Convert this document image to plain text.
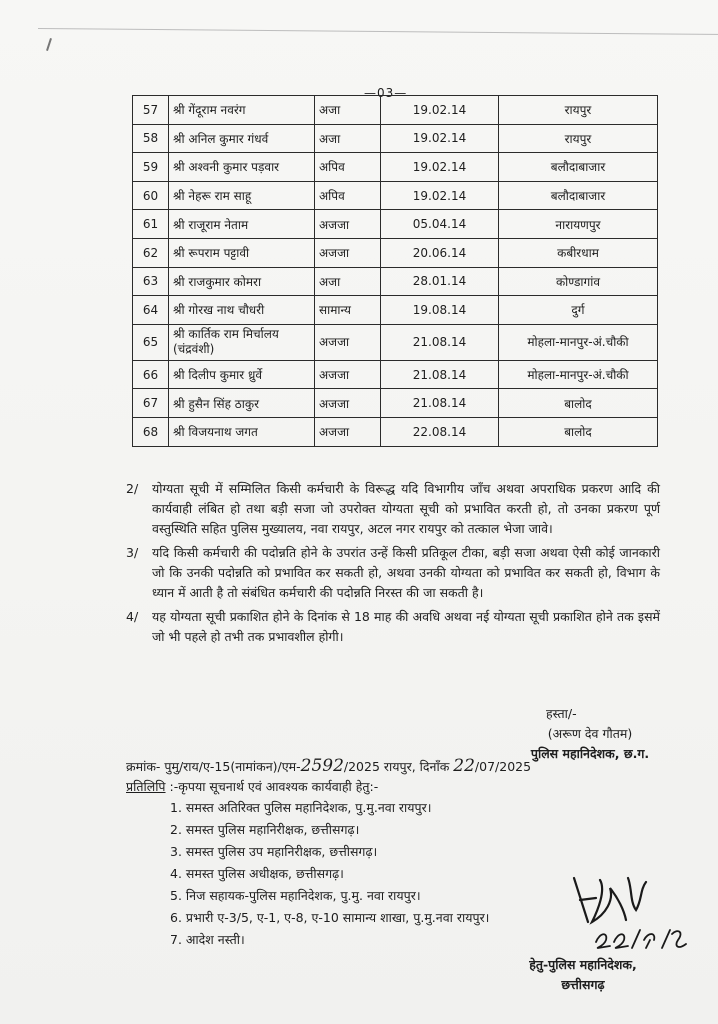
—03—
57	श्री गेंदूराम नवरंग	अजा	19.02.14	रायपुर
58	श्री अनिल कुमार गंधर्व	अजा	19.02.14	रायपुर
59	श्री अश्वनी कुमार पड़वार	अपिव	19.02.14	बलौदाबाजार
60	श्री नेहरू राम साहू	अपिव	19.02.14	बलौदाबाजार
61	श्री राजूराम नेताम	अजजा	05.04.14	नारायणपुर
62	श्री रूपराम पट्टावी	अजजा	20.06.14	कबीरधाम
63	श्री राजकुमार कोमरा	अजा	28.01.14	कोण्डागांव
64	श्री गोरख नाथ चौधरी	सामान्य	19.08.14	दुर्ग
65	श्री कार्तिक राम मिर्चालय (चंद्रवंशी)	अजजा	21.08.14	मोहला-मानपुर-अं.चौकी
66	श्री दिलीप कुमार ध्रुर्वे	अजजा	21.08.14	मोहला-मानपुर-अं.चौकी
67	श्री हुसैन सिंह ठाकुर	अजजा	21.08.14	बालोद
68	श्री विजयनाथ जगत	अजजा	22.08.14	बालोद
2/ योग्यता सूची में सम्मिलित किसी कर्मचारी के विरूद्ध यदि विभागीय जाँच अथवा अपराधिक प्रकरण आदि की कार्यवाही लंबित हो तथा बड़ी सजा जो उपरोक्त योग्यता सूची को प्रभावित करती हो, तो उनका प्रकरण पूर्ण वस्तुस्थिति सहित पुलिस मुख्यालय, नवा रायपुर, अटल नगर रायपुर को तत्काल भेजा जावे।
3/ यदि किसी कर्मचारी की पदोन्नति होने के उपरांत उन्हें किसी प्रतिकूल टीका, बड़ी सजा अथवा ऐसी कोई जानकारी जो कि उनकी पदोन्नति को प्रभावित कर सकती हो, अथवा उनकी योग्यता को प्रभावित कर सकती हो, विभाग के ध्यान में आती है तो संबंधित कर्मचारी की पदोन्नति निरस्त की जा सकती है।
4/ यह योग्यता सूची प्रकाशित होने के दिनांक से 18 माह की अवधि अथवा नई योग्यता सूची प्रकाशित होने तक इसमें जो भी पहले हो तभी तक प्रभावशील होगी।
हस्ता/-
(अरूण देव गौतम)
पुलिस महानिदेशक, छ.ग.
क्रमांक- पुमु/राय/ए-15(नामांकन)/एम-2592/2025 रायपुर, दिनाँक 22/07/2025
प्रतिलिपि :-कृपया सूचनार्थ एवं आवश्यक कार्यवाही हेतु:-
1. समस्त अतिरिक्त पुलिस महानिदेशक, पु.मु.नवा रायपुर।
2. समस्त पुलिस महानिरीक्षक, छत्तीसगढ़।
3. समस्त पुलिस उप महानिरीक्षक, छत्तीसगढ़।
4. समस्त पुलिस अधीक्षक, छत्तीसगढ़।
5. निज सहायक-पुलिस महानिदेशक, पु.मु. नवा रायपुर।
6. प्रभारी ए-3/5, ए-1, ए-8, ए-10 सामान्य शाखा, पु.मु.नवा रायपुर।
7. आदेश नस्ती।
हेतु-पुलिस महानिदेशक,
छत्तीसगढ़
